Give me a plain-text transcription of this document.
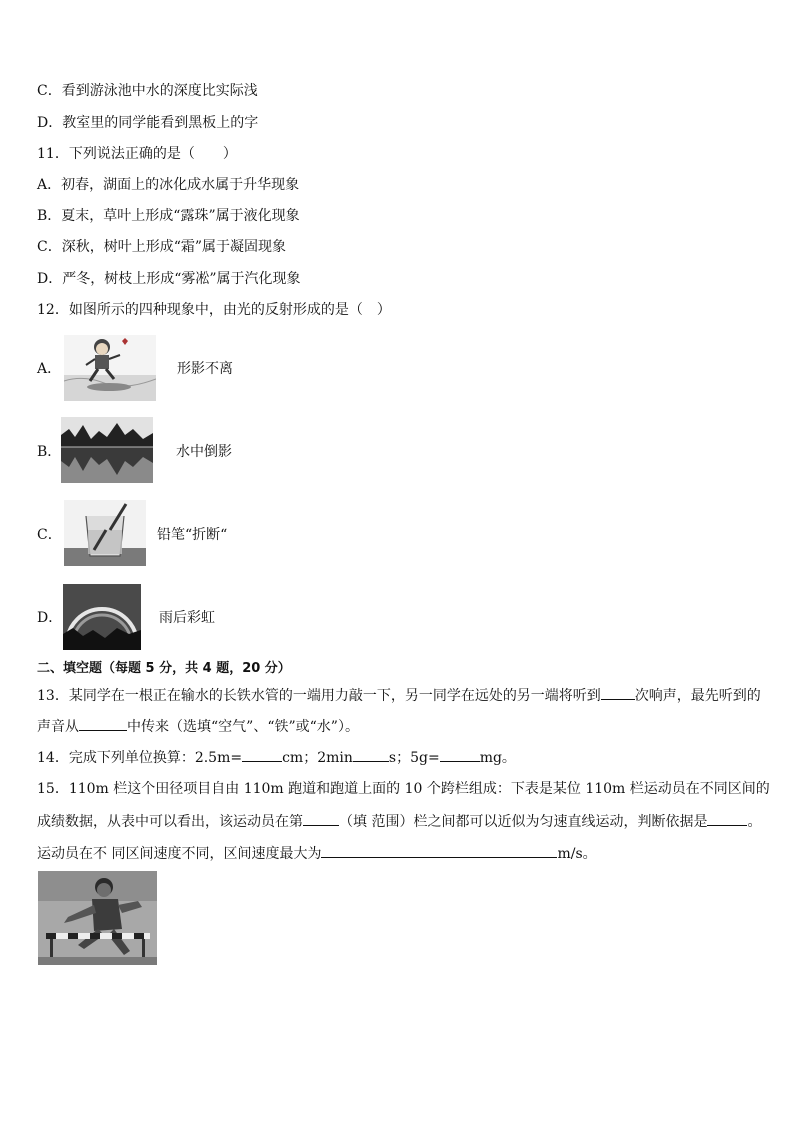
C．看到游泳池中水的深度比实际浅
D．教室里的同学能看到黑板上的字
11．下列说法正确的是（　　）
A．初春，湖面上的冰化成水属于升华现象
B．夏末，草叶上形成“露珠”属于液化现象
C．深秋，树叶上形成“霜”属于凝固现象
D．严冬，树枝上形成“雾凇”属于汽化现象
12．如图所示的四种现象中，由光的反射形成的是（　）
A．	形影不离
B．	水中倒影
C．	铅笔“折断“
D．	雨后彩虹
二、填空题（每题 5 分，共 4 题，20 分）
13．某同学在一根正在输水的长铁水管的一端用力敲一下，另一同学在远处的另一端将听到 次响声，最先听到的
声音从	中传来（选填“空气”、“铁”或“水”）。
14．完成下列单位换算：2.5m=	cm；2min	s；5g=	mg。
15．110m 栏这个田径项目自由 110m 跑道和跑道上面的 10 个跨栏组成：下表是某位 110m 栏运动员在不同区间的
成绩数据，从表中可以看出，该运动员在第	（填 范围）栏之间都可以近似为匀速直线运动，判断依据是	。
运动员在不 同区间速度不同，区间速度最大为	m/s。
